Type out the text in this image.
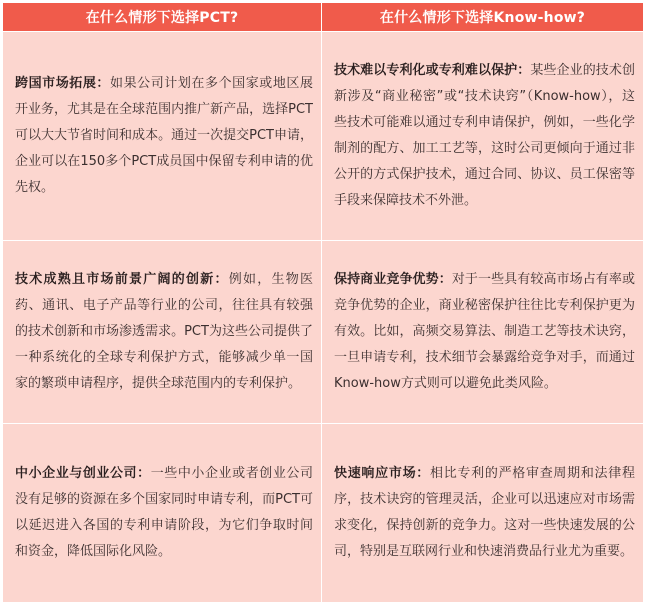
在什么情形下选择PCT?	在什么情形下选择Know-how?
跨国市场拓展：如果公司计划在多个国家或地区展开业务，尤其是在全球范围内推广新产品，选择PCT可以大大节省时间和成本。通过一次提交PCT申请，企业可以在150多个PCT成员国中保留专利申请的优先权。	技术难以专利化或专利难以保护：某些企业的技术创新涉及“商业秘密”或“技术诀窍”（Know-how），这些技术可能难以通过专利申请保护，例如，一些化学制剂的配方、加工工艺等，这时公司更倾向于通过非公开的方式保护技术，通过合同、协议、员工保密等手段来保障技术不外泄。
技术成熟且市场前景广阔的创新：例如，生物医药、通讯、电子产品等行业的公司，往往具有较强的技术创新和市场渗透需求。PCT为这些公司提供了一种系统化的全球专利保护方式，能够减少单一国家的繁琐申请程序，提供全球范围内的专利保护。	保持商业竞争优势：对于一些具有较高市场占有率或竞争优势的企业，商业秘密保护往往比专利保护更为有效。比如，高频交易算法、制造工艺等技术诀窍，一旦申请专利，技术细节会暴露给竞争对手，而通过Know-how方式则可以避免此类风险。
中小企业与创业公司：一些中小企业或者创业公司没有足够的资源在多个国家同时申请专利，而PCT可以延迟进入各国的专利申请阶段，为它们争取时间和资金，降低国际化风险。	快速响应市场：相比专利的严格审查周期和法律程序，技术诀窍的管理灵活，企业可以迅速应对市场需求变化，保持创新的竞争力。这对一些快速发展的公司，特别是互联网行业和快速消费品行业尤为重要。
